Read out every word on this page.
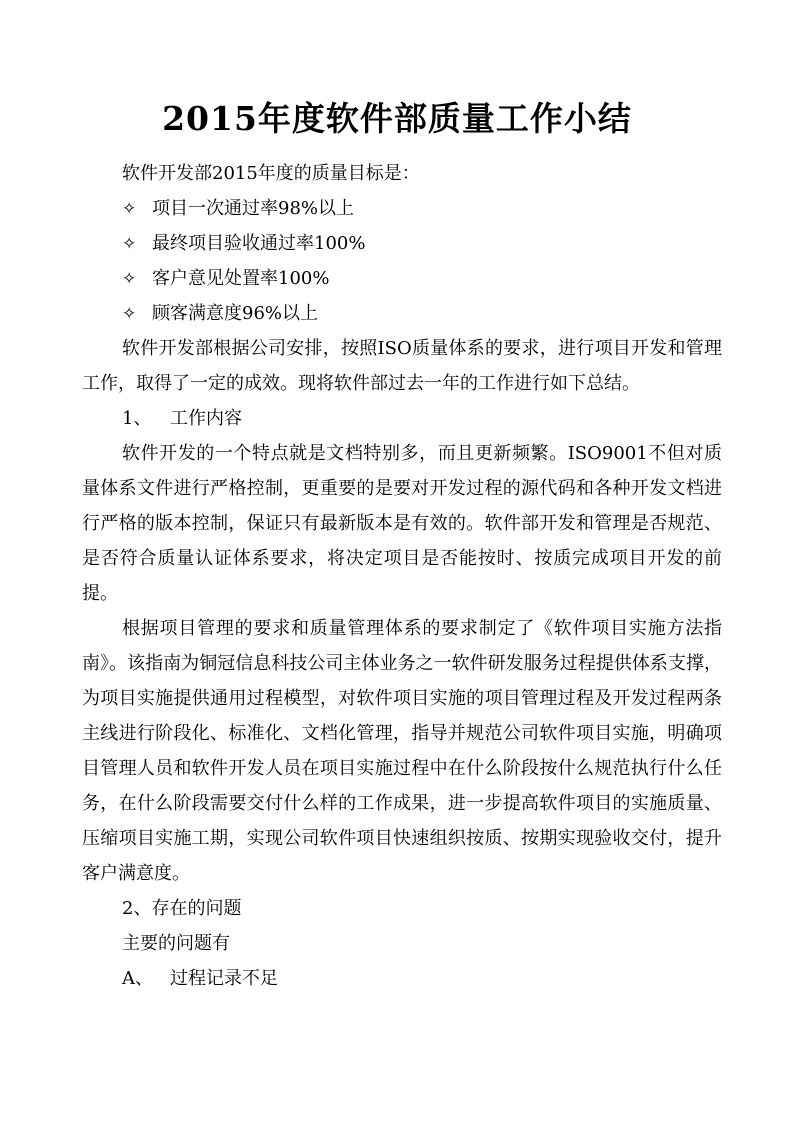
2015年度软件部质量工作小结

软件开发部2015年度的质量目标是：

✧ 项目一次通过率98%以上
✧ 最终项目验收通过率100%
✧ 客户意见处置率100%
✧ 顾客满意度96%以上

软件开发部根据公司安排，按照ISO质量体系的要求，进行项目开发和管理工作，取得了一定的成效。现将软件部过去一年的工作进行如下总结。

1、	工作内容

软件开发的一个特点就是文档特别多，而且更新频繁。ISO9001不但对质量体系文件进行严格控制，更重要的是要对开发过程的源代码和各种开发文档进行严格的版本控制，保证只有最新版本是有效的。软件部开发和管理是否规范、是否符合质量认证体系要求，将决定项目是否能按时、按质完成项目开发的前提。

根据项目管理的要求和质量管理体系的要求制定了《软件项目实施方法指南》。该指南为铜冠信息科技公司主体业务之一软件研发服务过程提供体系支撑，为项目实施提供通用过程模型，对软件项目实施的项目管理过程及开发过程两条主线进行阶段化、标准化、文档化管理，指导并规范公司软件项目实施，明确项目管理人员和软件开发人员在项目实施过程中在什么阶段按什么规范执行什么任务，在什么阶段需要交付什么样的工作成果，进一步提高软件项目的实施质量、压缩项目实施工期，实现公司软件项目快速组织按质、按期实现验收交付，提升客户满意度。

2、存在的问题

主要的问题有

A、 过程记录不足
